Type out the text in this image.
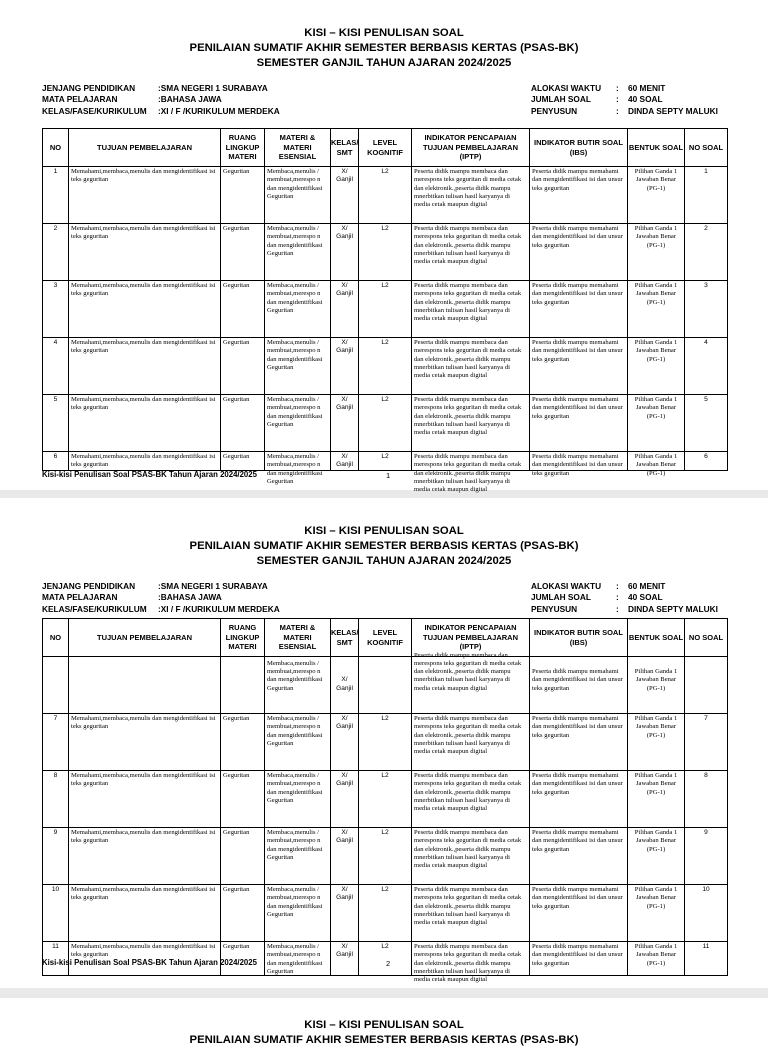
KISI – KISI PENULISAN SOAL
PENILAIAN SUMATIF AKHIR SEMESTER BERBASIS KERTAS (PSAS-BK)
SEMESTER GANJIL TAHUN AJARAN 2024/2025
JENJANG PENDIDIKAN	: SMA NEGERI 1 SURABAYA
MATA PELAJARAN	: BAHASA JAWA
KELAS/FASE/KURIKULUM	: XI / F /KURIKULUM MERDEKA
ALOKASI WAKTU	:	60 MENIT
JUMLAH SOAL	:	40 SOAL
PENYUSUN	:	DINDA SEPTY MALUKI
NO	TUJUAN PEMBELAJARAN	RUANG LINGKUP MATERI	MATERI & MATERI ESENSIAL	KELAS/ SMT	LEVEL KOGNITIF	INDIKATOR PENCAPAIAN TUJUAN PEMBELAJARAN (IPTP)	INDIKATOR BUTIR SOAL (IBS)	BENTUK SOAL	NO SOAL
1	Memahami,membaca,menulis dan mengidentifikasi isi teks geguritan	Geguritan	Membaca,menulis / membuat,merespo n dan mengidentifikasi Geguritan	X/ Ganjil	L2	Peserta didik mampu membaca dan merespons teks geguritan di media cetak dan elektronik.,peserta didik mampu mnerbitkan tulisan hasil karyanya di media cetak maupun digital	Peserta didik mampu memahami dan mengidentifikasi isi dan unsur teks geguritan	Pilihan Ganda 1 Jawaban Benar (PG-1)	1
2	Memahami,membaca,menulis dan mengidentifikasi isi teks geguritan	Geguritan	Membaca,menulis / membuat,merespo n dan mengidentifikasi Geguritan	X/ Ganjil	L2	Peserta didik mampu membaca dan merespons teks geguritan di media cetak dan elektronik.,peserta didik mampu mnerbitkan tulisan hasil karyanya di media cetak maupun digital	Peserta didik mampu memahami dan mengidentifikasi isi dan unsur teks geguritan	Pilihan Ganda 1 Jawaban Benar (PG-1)	2
3	Memahami,membaca,menulis dan mengidentifikasi isi teks geguritan	Geguritan	Membaca,menulis / membuat,merespo n dan mengidentifikasi Geguritan	X/ Ganjil	L2	Peserta didik mampu membaca dan merespons teks geguritan di media cetak dan elektronik.,peserta didik mampu mnerbitkan tulisan hasil karyanya di media cetak maupun digital	Peserta didik mampu memahami dan mengidentifikasi isi dan unsur teks geguritan	Pilihan Ganda 1 Jawaban Benar (PG-1)	3
4	Memahami,membaca,menulis dan mengidentifikasi isi teks geguritan	Geguritan	Membaca,menulis / membuat,merespo n dan mengidentifikasi Geguritan	X/ Ganjil	L2	Peserta didik mampu membaca dan merespons teks geguritan di media cetak dan elektronik.,peserta didik mampu mnerbitkan tulisan hasil karyanya di media cetak maupun digital	Peserta didik mampu memahami dan mengidentifikasi isi dan unsur teks geguritan	Pilihan Ganda 1 Jawaban Benar (PG-1)	4
5	Memahami,membaca,menulis dan mengidentifikasi isi teks geguritan	Geguritan	Membaca,menulis / membuat,merespo n dan mengidentifikasi Geguritan	X/ Ganjil	L2	Peserta didik mampu membaca dan merespons teks geguritan di media cetak dan elektronik.,peserta didik mampu mnerbitkan tulisan hasil karyanya di media cetak maupun digital	Peserta didik mampu memahami dan mengidentifikasi isi dan unsur teks geguritan	Pilihan Ganda 1 Jawaban Benar (PG-1)	5
6	Memahami,membaca,menulis dan mengidentifikasi isi teks geguritan	Geguritan	Membaca,menulis / membuat,merespo n dan mengidentifikasi Geguritan	X/ Ganjil	L2	Peserta didik mampu membaca dan merespons teks geguritan di media cetak dan elektronik.,peserta didik mampu mnerbitkan tulisan hasil karyanya di media cetak maupun digital	Peserta didik mampu memahami dan mengidentifikasi isi dan unsur teks geguritan	Pilihan Ganda 1 Jawaban Benar (PG-1)	6
Kisi-kisi Penulisan Soal PSAS-BK Tahun Ajaran 2024/2025	1
KISI – KISI PENULISAN SOAL
PENILAIAN SUMATIF AKHIR SEMESTER BERBASIS KERTAS (PSAS-BK)
SEMESTER GANJIL TAHUN AJARAN 2024/2025
JENJANG PENDIDIKAN	: SMA NEGERI 1 SURABAYA
MATA PELAJARAN	: BAHASA JAWA
KELAS/FASE/KURIKULUM	: XI / F /KURIKULUM MERDEKA
ALOKASI WAKTU	:	60 MENIT
JUMLAH SOAL	:	40 SOAL
PENYUSUN	:	DINDA SEPTY MALUKI
NO	TUJUAN PEMBELAJARAN	RUANG LINGKUP MATERI	MATERI & MATERI ESENSIAL	KELAS/ SMT	LEVEL KOGNITIF	INDIKATOR PENCAPAIAN TUJUAN PEMBELAJARAN (IPTP)	INDIKATOR BUTIR SOAL (IBS)	BENTUK SOAL	NO SOAL

			Membaca,menulis / membuat,merespo n dan mengidentifikasi Geguritan	X/ Ganjil		Peserta didik mampu membaca dan merespons teks geguritan di media cetak dan elektronik.,peserta didik mampu mnerbitkan tulisan hasil karyanya di media cetak maupun digital	Peserta didik mampu memahami dan mengidentifikasi isi dan unsur teks geguritan	Pilihan Ganda 1 Jawaban Benar (PG-1)	

7	Memahami,membaca,menulis dan mengidentifikasi isi teks geguritan	Geguritan	Membaca,menulis / membuat,merespo n dan mengidentifikasi Geguritan	X/ Ganjil	L2	Peserta didik mampu membaca dan merespons teks geguritan di media cetak dan elektronik.,peserta didik mampu mnerbitkan tulisan hasil karyanya di media cetak maupun digital	Peserta didik mampu memahami dan mengidentifikasi isi dan unsur teks geguritan	Pilihan Ganda 1 Jawaban Benar (PG-1)	7
8	Memahami,membaca,menulis dan mengidentifikasi isi teks geguritan	Geguritan	Membaca,menulis / membuat,merespo n dan mengidentifikasi Geguritan	X/ Ganjil	L2	Peserta didik mampu membaca dan merespons teks geguritan di media cetak dan elektronik.,peserta didik mampu mnerbitkan tulisan hasil karyanya di media cetak maupun digital	Peserta didik mampu memahami dan mengidentifikasi isi dan unsur teks geguritan	Pilihan Ganda 1 Jawaban Benar (PG-1)	8
9	Memahami,membaca,menulis dan mengidentifikasi isi teks geguritan	Geguritan	Membaca,menulis / membuat,merespo n dan mengidentifikasi Geguritan	X/ Ganjil	L2	Peserta didik mampu membaca dan merespons teks geguritan di media cetak dan elektronik.,peserta didik mampu mnerbitkan tulisan hasil karyanya di media cetak maupun digital	Peserta didik mampu memahami dan mengidentifikasi isi dan unsur teks geguritan	Pilihan Ganda 1 Jawaban Benar (PG-1)	9
10	Memahami,membaca,menulis dan mengidentifikasi isi teks geguritan	Geguritan	Membaca,menulis / membuat,merespo n dan mengidentifikasi Geguritan	X/ Ganjil	L2	Peserta didik mampu membaca dan merespons teks geguritan di media cetak dan elektronik.,peserta didik mampu mnerbitkan tulisan hasil karyanya di media cetak maupun digital	Peserta didik mampu memahami dan mengidentifikasi isi dan unsur teks geguritan	Pilihan Ganda 1 Jawaban Benar (PG-1)	10
11	Memahami,membaca,menulis dan mengidentifikasi isi teks geguritan	Geguritan	Membaca,menulis / membuat,merespo n dan mengidentifikasi Geguritan	X/ Ganjil	L2	Peserta didik mampu membaca dan merespons teks geguritan di media cetak dan elektronik.,peserta didik mampu mnerbitkan tulisan hasil karyanya di media cetak maupun digital	Peserta didik mampu memahami dan mengidentifikasi isi dan unsur teks geguritan	Pilihan Ganda 1 Jawaban Benar (PG-1)	11
Kisi-kisi Penulisan Soal PSAS-BK Tahun Ajaran 2024/2025	2
KISI – KISI PENULISAN SOAL
PENILAIAN SUMATIF AKHIR SEMESTER BERBASIS KERTAS (PSAS-BK)
